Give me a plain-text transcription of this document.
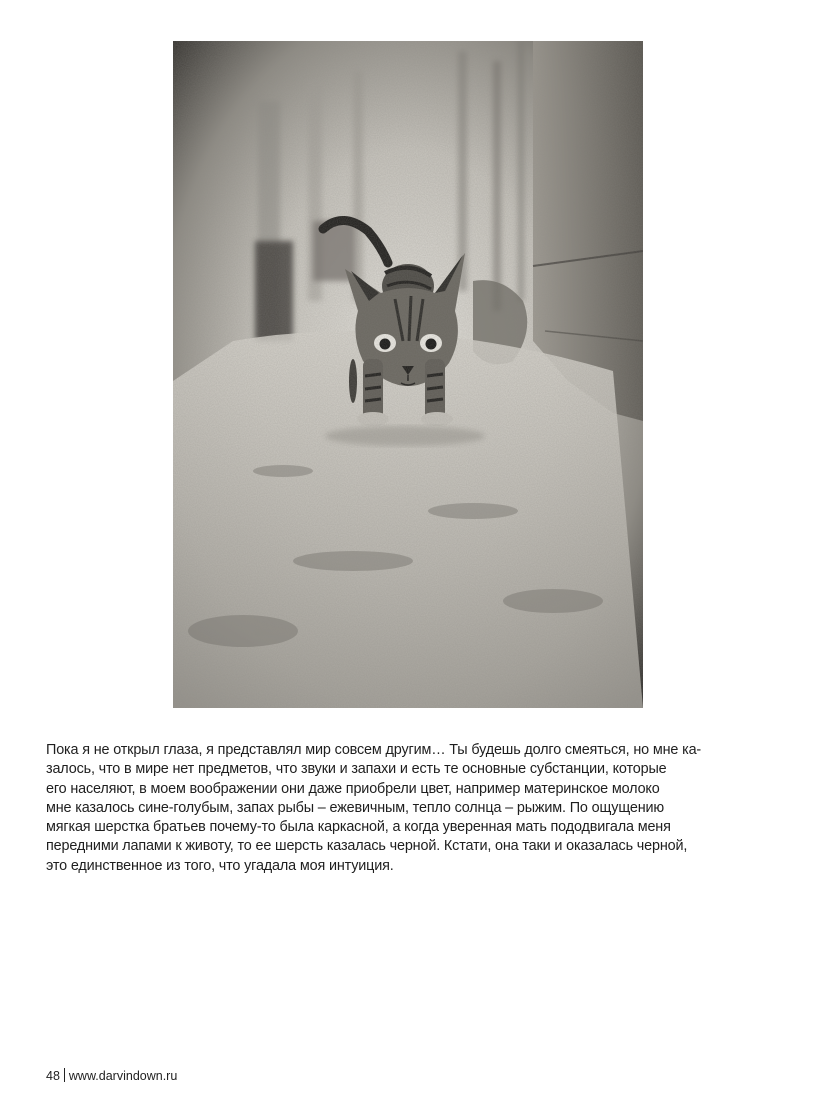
Пока я не открыл глаза, я представлял мир совсем другим… Ты будешь долго смеяться, но мне ка-
залось, что в мире нет предметов, что звуки и запахи и есть те основные субстанции, которые
его населяют, в моем воображении они даже приобрели цвет, например материнское молоко
мне казалось сине-голубым, запах рыбы – ежевичным, тепло солнца – рыжим. По ощущению
мягкая шерстка братьев почему-то была каркасной, а когда уверенная мать пододвигала меня
передними лапами к животу, то ее шерсть казалась черной. Кстати, она таки и оказалась черной,
это единственное из того, что угадала моя интуиция.

48 www.darvindown.ru
